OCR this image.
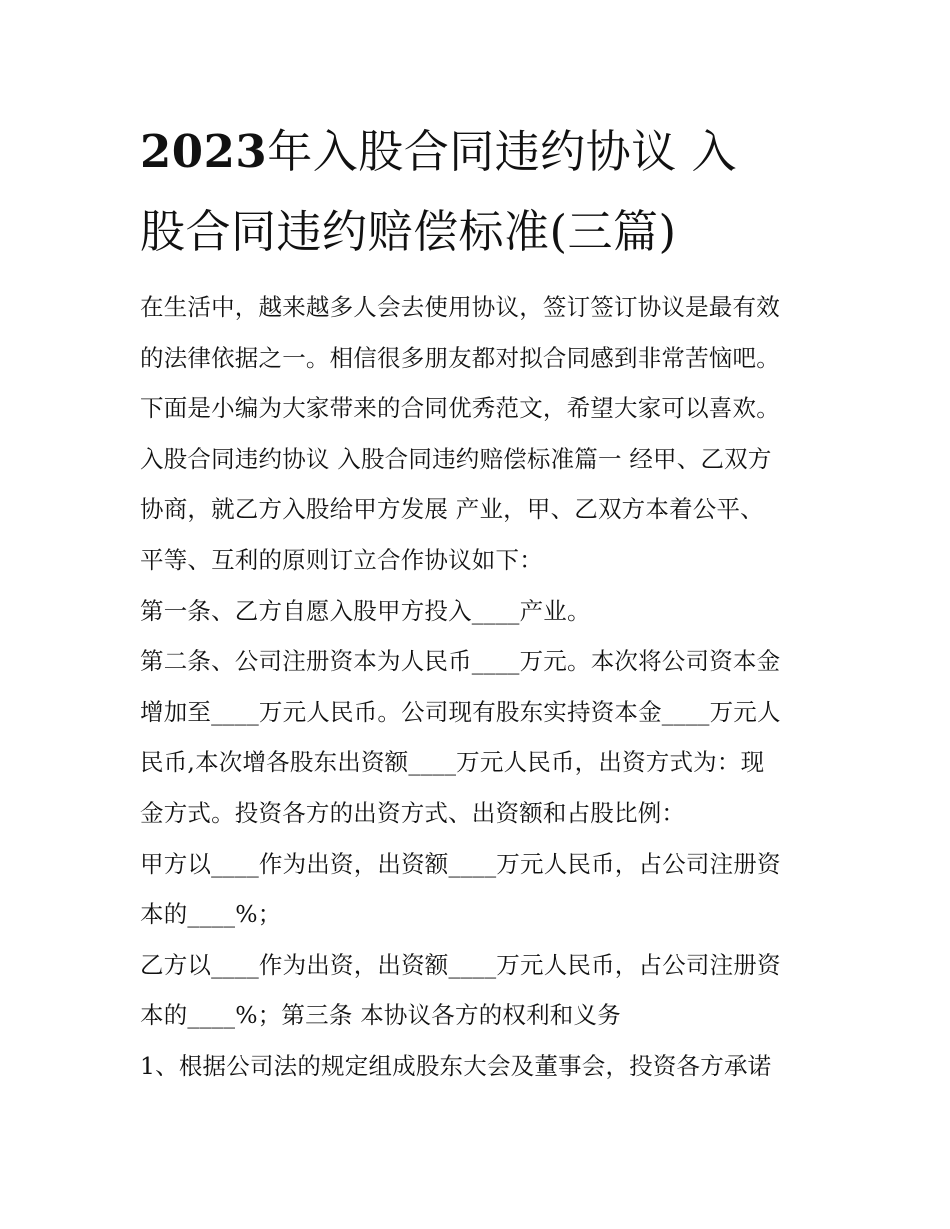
2023年入股合同违约协议 入
股合同违约赔偿标准(三篇)
在生活中，越来越多人会去使用协议，签订签订协议是最有效
的法律依据之一。相信很多朋友都对拟合同感到非常苦恼吧。
下面是小编为大家带来的合同优秀范文，希望大家可以喜欢。
入股合同违约协议 入股合同违约赔偿标准篇一 经甲、乙双方
协商，就乙方入股给甲方发展 产业，甲、乙双方本着公平、
平等、互利的原则订立合作协议如下：
第一条、乙方自愿入股甲方投入____产业。
第二条、公司注册资本为人民币____万元。本次将公司资本金
增加至____万元人民币。公司现有股东实持资本金____万元人
民币,本次增各股东出资额____万元人民币，出资方式为：现
金方式。投资各方的出资方式、出资额和占股比例：
甲方以____作为出资，出资额____万元人民币，占公司注册资
本的____%；
乙方以____作为出资，出资额____万元人民币，占公司注册资
本的____%；第三条 本协议各方的权利和义务
1、根据公司法的规定组成股东大会及董事会，投资各方承诺
